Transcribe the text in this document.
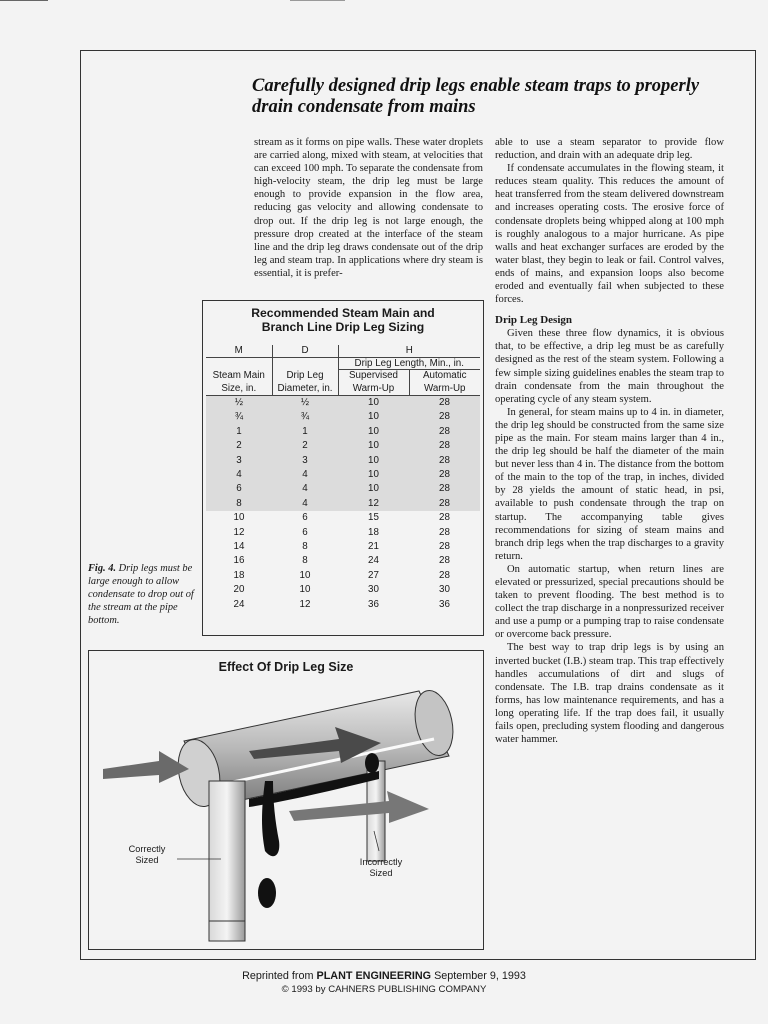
Carefully designed drip legs enable steam traps to properly drain condensate from mains

stream as it forms on pipe walls. These water droplets are carried along, mixed with steam, at velocities that can exceed 100 mph. To separate the condensate from high-velocity steam, the drip leg must be large enough to provide expansion in the flow area, reducing gas velocity and allowing condensate to drop out. If the drip leg is not large enough, the pressure drop created at the interface of the steam line and the drip leg draws condensate out of the drip leg and steam trap. In applications where dry steam is essential, it is prefer-

able to use a steam separator to provide flow reduction, and drain with an adequate drip leg.

If condensate accumulates in the flowing steam, it reduces steam quality. This reduces the amount of heat transferred from the steam delivered downstream and increases operating costs. The erosive force of condensate droplets being whipped along at 100 mph is roughly analogous to a major hurricane. As pipe walls and heat exchanger surfaces are eroded by the water blast, they begin to leak or fail. Control valves, ends of mains, and expansion loops also become eroded and eventually fail when subjected to these forces.

Drip Leg Design

Given these three flow dynamics, it is obvious that, to be effective, a drip leg must be as carefully designed as the rest of the steam system. Following a few simple sizing guidelines enables the steam trap to drain condensate from the main throughout the operating cycle of any steam system.

In general, for steam mains up to 4 in. in diameter, the drip leg should be constructed from the same size pipe as the main. For steam mains larger than 4 in., the drip leg should be half the diameter of the main but never less than 4 in. The distance from the bottom of the main to the top of the trap, in inches, divided by 28 yields the amount of static head, in psi, available to push condensate through the trap on startup. The accompanying table gives recommendations for sizing of steam mains and branch drip legs when the trap discharges to a gravity return.

On automatic startup, when return lines are elevated or pressurized, special precautions should be taken to prevent flooding. The best method is to collect the trap discharge in a nonpressurized receiver and use a pump or a pumping trap to raise condensate or overcome back pressure.

The best way to trap drip legs is by using an inverted bucket (I.B.) steam trap. This trap effectively handles accumulations of dirt and slugs of condensate. The I.B. trap drains condensate as it forms, has low maintenance requirements, and has a long operating life. If the trap does fail, it usually fails open, precluding system flooding and dangerous water hammer.

Recommended Steam Main and
Branch Line Drip Leg Sizing
M	D	H	
		Drip Leg Length, Min., in.	
Steam Main	Drip Leg	Supervised	Automatic
Size, in.	Diameter, in.	Warm-Up	Warm-Up
½	½	10	28
¾	¾	10	28
1	1	10	28
2	2	10	28
3	3	10	28
4	4	10	28
6	4	10	28
8	4	12	28
10	6	15	28
12	6	18	28
14	8	21	28
16	8	24	28
18	10	27	28
20	10	30	30
24	12	36	36

Fig. 4. Drip legs must be large enough to allow condensate to drop out of the stream at the pipe bottom.

Effect Of Drip Leg Size
Correctly Sized	Incorrectly Sized
Reprinted from PLANT ENGINEERING September 9, 1993
© 1993 by CAHNERS PUBLISHING COMPANY
